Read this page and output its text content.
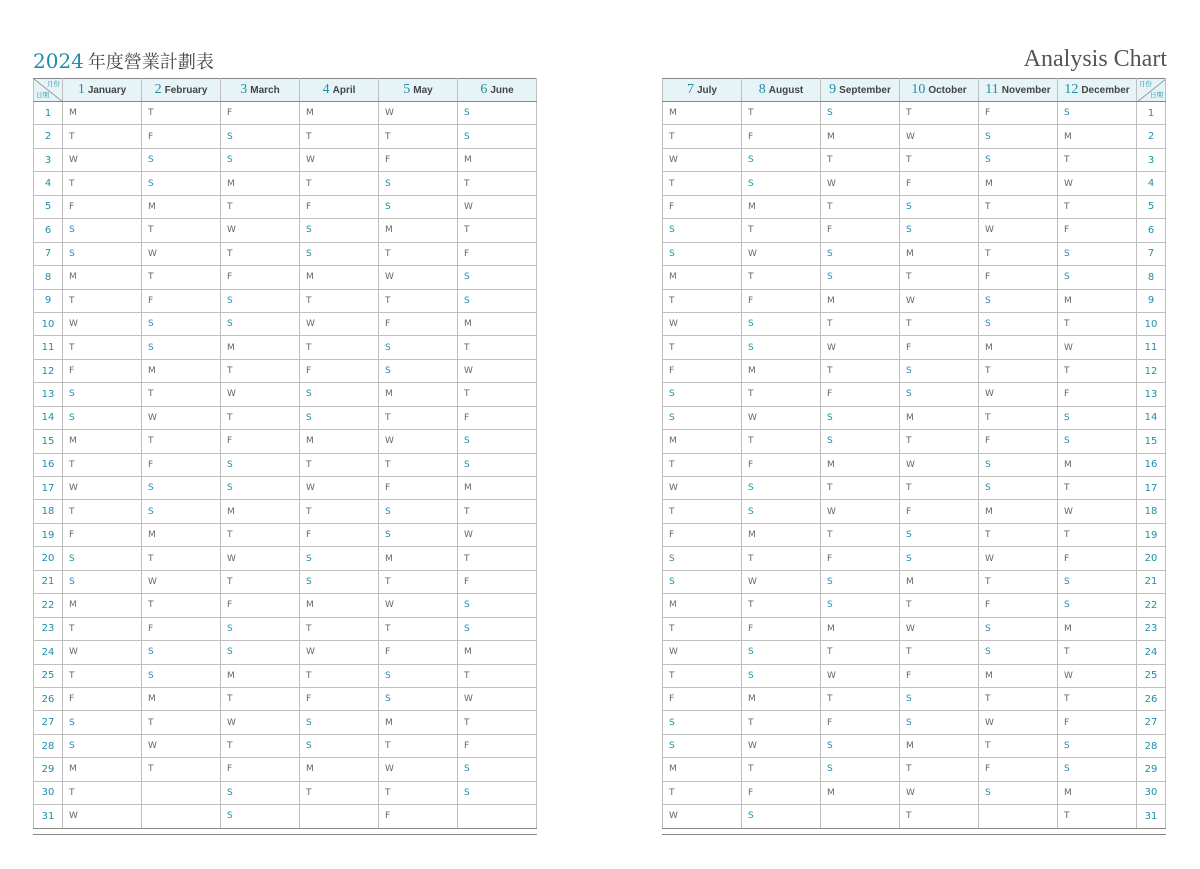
2024 年度營業計劃表
月份
日期	1 January	2 February	3 March	4 April	5 May	6 June
1	M	T	F	M	W	S
2	T	F	S	T	T	S
3	W	S	S	W	F	M
4	T	S	M	T	S	T
5	F	M	T	F	S	W
6	S	T	W	S	M	T
7	S	W	T	S	T	F
8	M	T	F	M	W	S
9	T	F	S	T	T	S
10	W	S	S	W	F	M
11	T	S	M	T	S	T
12	F	M	T	F	S	W
13	S	T	W	S	M	T
14	S	W	T	S	T	F
15	M	T	F	M	W	S
16	T	F	S	T	T	S
17	W	S	S	W	F	M
18	T	S	M	T	S	T
19	F	M	T	F	S	W
20	S	T	W	S	M	T
21	S	W	T	S	T	F
22	M	T	F	M	W	S
23	T	F	S	T	T	S
24	W	S	S	W	F	M
25	T	S	M	T	S	T
26	F	M	T	F	S	W
27	S	T	W	S	M	T
28	S	W	T	S	T	F
29	M	T	F	M	W	S
30	T		S	T	T	S
31	W		S		F	
Analysis Chart
7 July	8 August	9 September	10 October	11 November	12 December	月份
日期

M	T	S	T	F	S	1
T	F	M	W	S	M	2
W	S	T	T	S	T	3
T	S	W	F	M	W	4
F	M	T	S	T	T	5
S	T	F	S	W	F	6
S	W	S	M	T	S	7
M	T	S	T	F	S	8
T	F	M	W	S	M	9
W	S	T	T	S	T	10
T	S	W	F	M	W	11
F	M	T	S	T	T	12
S	T	F	S	W	F	13
S	W	S	M	T	S	14
M	T	S	T	F	S	15
T	F	M	W	S	M	16
W	S	T	T	S	T	17
T	S	W	F	M	W	18
F	M	T	S	T	T	19
S	T	F	S	W	F	20
S	W	S	M	T	S	21
M	T	S	T	F	S	22
T	F	M	W	S	M	23
W	S	T	T	S	T	24
T	S	W	F	M	W	25
F	M	T	S	T	T	26
S	T	F	S	W	F	27
S	W	S	M	T	S	28
M	T	S	T	F	S	29
T	F	M	W	S	M	30
W	S		T		T	31
